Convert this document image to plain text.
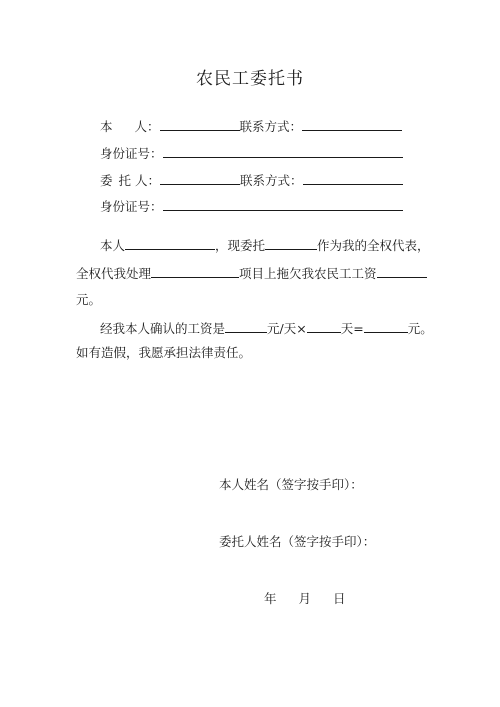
农民工委托书
本 人：	联系方式：
身份证号：
委 托 人：	联系方式：
身份证号：
本人	，现委托	作为我的全权代表，
全权代我处理	项目上拖欠我农民工工资
元。
经我本人确认的工资是	元/天×	天=	元。
如有造假，我愿承担法律责任。
本人姓名（签字按手印）：
委托人姓名（签字按手印）：
年 月 日
